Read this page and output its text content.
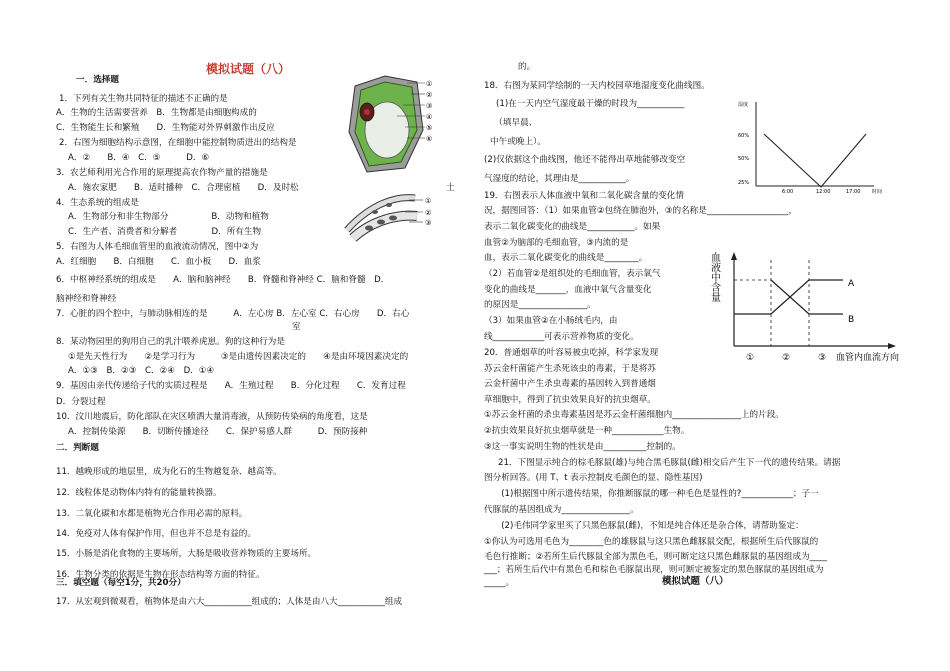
模拟试题（八）
一．选择题
1．下列有关生物共同特征的描述不正确的是
A．生物的生活需要营养　B．生物都是由细胞构成的
C．生物能生长和繁殖　　D．生物能对外界刺激作出反应
2．右图为细胞结构示意图，在细胞中能控制物质进出的结构是
A．②　　B．④　C．⑤　　　D．⑥
3．农艺师利用光合作用的原理提高农作物产量的措施是
A．施农家肥　　B．适时播种　C．合理密植　　D．及时松	土
4．生态系统的组成是
A．生物部分和非生物部分　　　　　B．动物和植物
C．生产者、消费者和分解者　　　　D．所有生物
5．右图为人体毛细血管里的血液流动情况，图中②为
A．红细胞　　B．白细胞　　C．血小板　　D．血浆
6．中枢神经系统的组成是　　A．脑和脑神经　　B．脊髓和脊神经 C．脑和脊髓　D．
脑神经和脊神经
7．心脏的四个腔中，与肺动脉相连的是　　　A．左心房 B．左心室 C．右心房　　D．右心
室
8．某动物园里的狗用自己的乳汁喂养虎崽。狗的这种行为是
①是先天性行为　　②是学习行为　　　③是由遗传因素决定的　　④是由环境因素决定的
A．①③　B．②③　C．②④　D．①④
9．基因由亲代传递给子代的实质过程是　　A．生殖过程　　B．分化过程　　C．发育过程
D．分裂过程
10．汶川地震后，防化部队在灾区喷洒大量消毒液，从预防传染病的角度看，这是
A．控制传染源　　B．切断传播途径　　C．保护易感人群　　　D．预防接种
二．判断题
11．越晚形成的地层里，成为化石的生物越复杂、越高等。
12．线粒体是动物体内特有的能量转换器。
13．二氧化碳和水都是植物光合作用必需的原料。
14．免疫对人体有保护作用，但也并不总是有益的。
15．小肠是消化食物的主要场所，大肠是吸收营养物质的主要场所。
16．生物分类的依据是生物在形态结构等方面的特征。
三．填空题（每空1分，共20分）
17．从宏观到微观看，植物体是由六大___________组成的；人体是由八大___________组成
①
②
③
④
⑤
⑥
①
②
③
的。
18．右图为某同学绘制的一天内校园草地湿度变化曲线图。
(1)在一天内空气湿度最干燥的时段为___________
　（填早晨、
中午或晚上）。
(2)仅依据这个曲线图，他还不能得出草地能够改变空
气湿度的结论，其理由是___________。
19．右图表示人体血液中氧和二氧化碳含量的变化情
况，据图回答：（1）如果血管②包绕在肺泡外，③的名称是___________________，
表示二氧化碳变化的曲线是___________。如果
血管②为脑部的毛细血管，③内流的是
血，表示二氧化碳变化的曲线是________。
（2）若血管②是组织处的毛细血管，表示氧气
变化的曲线是_______，血液中氧气含量变化
的原因是________________。
（3）如果血管②在小肠绒毛内，由
线____________可表示营养物质的变化。
20．普通烟草的叶容易被虫吃掉，科学家发现
苏云金杆菌能产生杀死该虫的毒素，于是将苏
云金杆菌中产生杀虫毒素的基因转入到普通烟
草细胞中，得到了抗虫效果良好的抗虫烟草。
①苏云金杆菌的杀虫毒素基因是苏云金杆菌细胞内________________上的片段。
②抗虫效果良好抗虫烟草就是一种____________生物。
③这一事实说明生物的性状是由__________控制的。
21．下图显示纯合的棕毛豚鼠(雄)与纯合黑毛豚鼠(雌)相交后产生下一代的遗传结果。请据
图分析回答。(用 T、t 表示控制皮毛颜色的显、隐性基因)
　　(1)根据图中所示遗传结果，你推断豚鼠的哪一种毛色是显性的?____________；子一
代豚鼠的基因组成为________________。
　　(2)毛伟同学家里买了只黑色豚鼠(雌)，不知是纯合体还是杂合体，请帮助鉴定：
①你认为可选用毛色为________色的雄豚鼠与这只黑色雌豚鼠交配，根据所生后代豚鼠的
毛色行推断；②若所生后代豚鼠全部为黑色毛，则可断定这只黑色雌豚鼠的基因组成为____
___；若所生后代中有黑色毛和棕色毛豚鼠出现，则可断定被鉴定的黑色豚鼠的基因组成为
_____。	模拟试题（八）
湿度
60%
50%
25%
6:00	12:00	17:00 时间
血液中含量	A
B
①	②	③ 血管内血流方向
